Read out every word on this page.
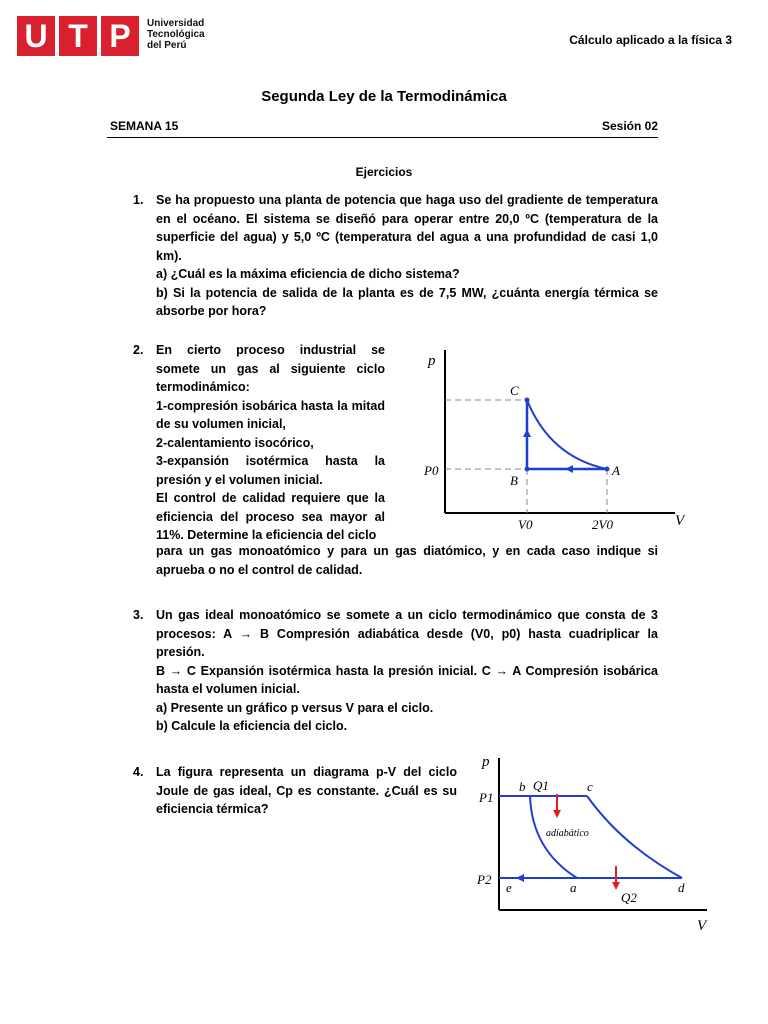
U T P	Universidad
Tecnológica
del Perú	Cálculo aplicado a la física 3
Segunda Ley de la Termodinámica
SEMANA 15	Sesión 02
Ejercicios
1. Se ha propuesto una planta de potencia que haga uso del gradiente de temperatura en el océano. El sistema se diseñó para operar entre 20,0 ºC (temperatura de la superficie del agua) y 5,0 ºC (temperatura del agua a una profundidad de casi 1,0 km).
a) ¿Cuál es la máxima eficiencia de dicho sistema?
b) Si la potencia de salida de la planta es de 7,5 MW, ¿cuánta energía térmica se absorbe por hora?
2. En cierto proceso industrial se somete un gas al siguiente ciclo termodinámico:
1-compresión isobárica hasta la mitad de su volumen inicial,
2-calentamiento isocórico,
3-expansión isotérmica hasta la presión y el volumen inicial.
El control de calidad requiere que la eficiencia del proceso sea mayor al 11%. Determine la eficiencia del ciclo
para un gas monoatómico y para un gas diatómico, y en cada caso indique si aprueba o no el control de calidad.
p
V
C
B
A
P0
V0	2V0
3. Un gas ideal monoatómico se somete a un ciclo termodinámico que consta de 3 procesos: A → B Compresión adiabática desde (V0, p0) hasta cuadriplicar la presión.
B → C Expansión isotérmica hasta la presión inicial. C → A Compresión isobárica hasta el volumen inicial.
a) Presente un gráfico p versus V para el ciclo.
b) Calcule la eficiencia del ciclo.
4. La figura representa un diagrama p-V del ciclo Joule de gas ideal, Cp es constante. ¿Cuál es su eficiencia térmica?
p
V
P1
P2
b	c
a	d
e
Q1
Q2
adiabático
